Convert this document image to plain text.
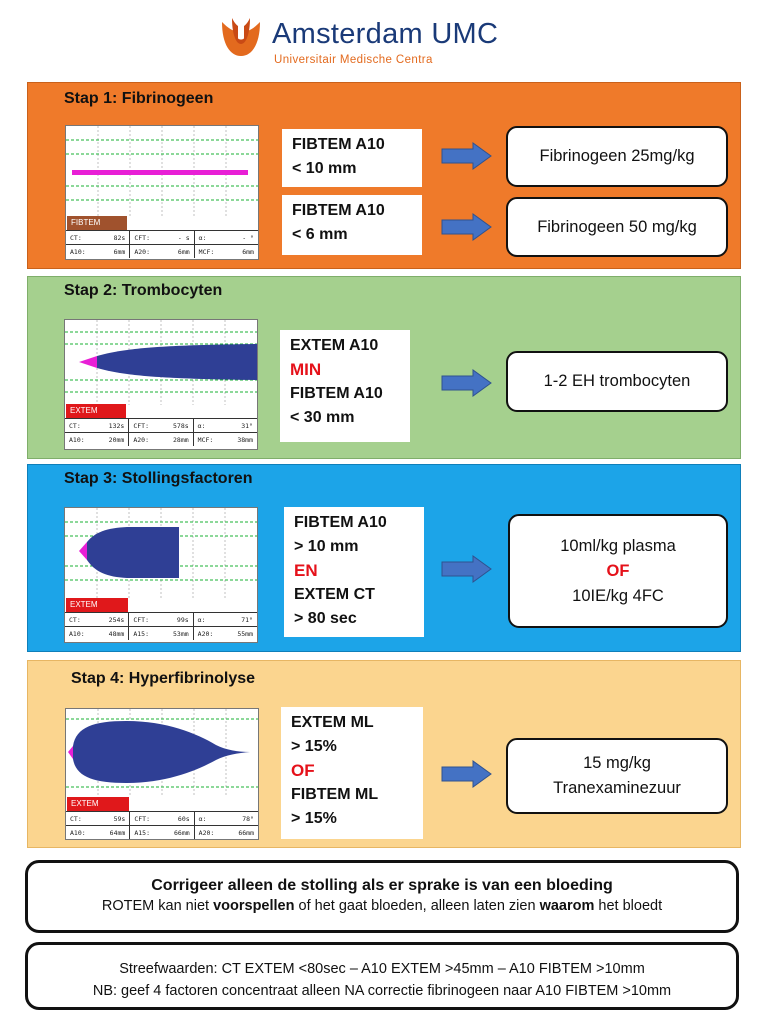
Amsterdam UMC
Universitair Medische Centra
Stap 1: Fibrinogeen
FIBTEM
CT:	82s CFT:	- s α:	- °
A10:	6mm A20:	6mm MCF:	6mm
FIBTEM A10
< 10 mm
FIBTEM A10
< 6 mm
Fibrinogeen 25mg/kg
Fibrinogeen 50 mg/kg
Stap 2: Trombocyten
EXTEM
CT:	132s CFT:	578s α:	31°
A10:	20mm A20:	28mm MCF:	38mm
EXTEM A10
MIN
FIBTEM A10
< 30 mm
1-2 EH trombocyten
Stap 3: Stollingsfactoren
EXTEM
CT:	254s CFT:	99s α:	71°
A10:	48mm A15:	53mm A20:	55mm
FIBTEM A10
> 10 mm
EN
EXTEM CT
> 80 sec
10ml/kg plasma
OF
10IE/kg 4FC
Stap 4: Hyperfibrinolyse
EXTEM
CT:	59s CFT:	60s α:	78°
A10:	64mm A15:	66mm A20:	66mm
EXTEM ML
> 15%
OF
FIBTEM ML
> 15%
15 mg/kg
Tranexaminezuur
Corrigeer alleen de stolling als er sprake is van een bloeding
ROTEM kan niet voorspellen of het gaat bloeden, alleen laten zien waarom het bloedt
Streefwaarden: CT EXTEM <80sec – A10 EXTEM >45mm – A10 FIBTEM >10mm
NB: geef 4 factoren concentraat alleen NA correctie fibrinogeen naar A10 FIBTEM >10mm
